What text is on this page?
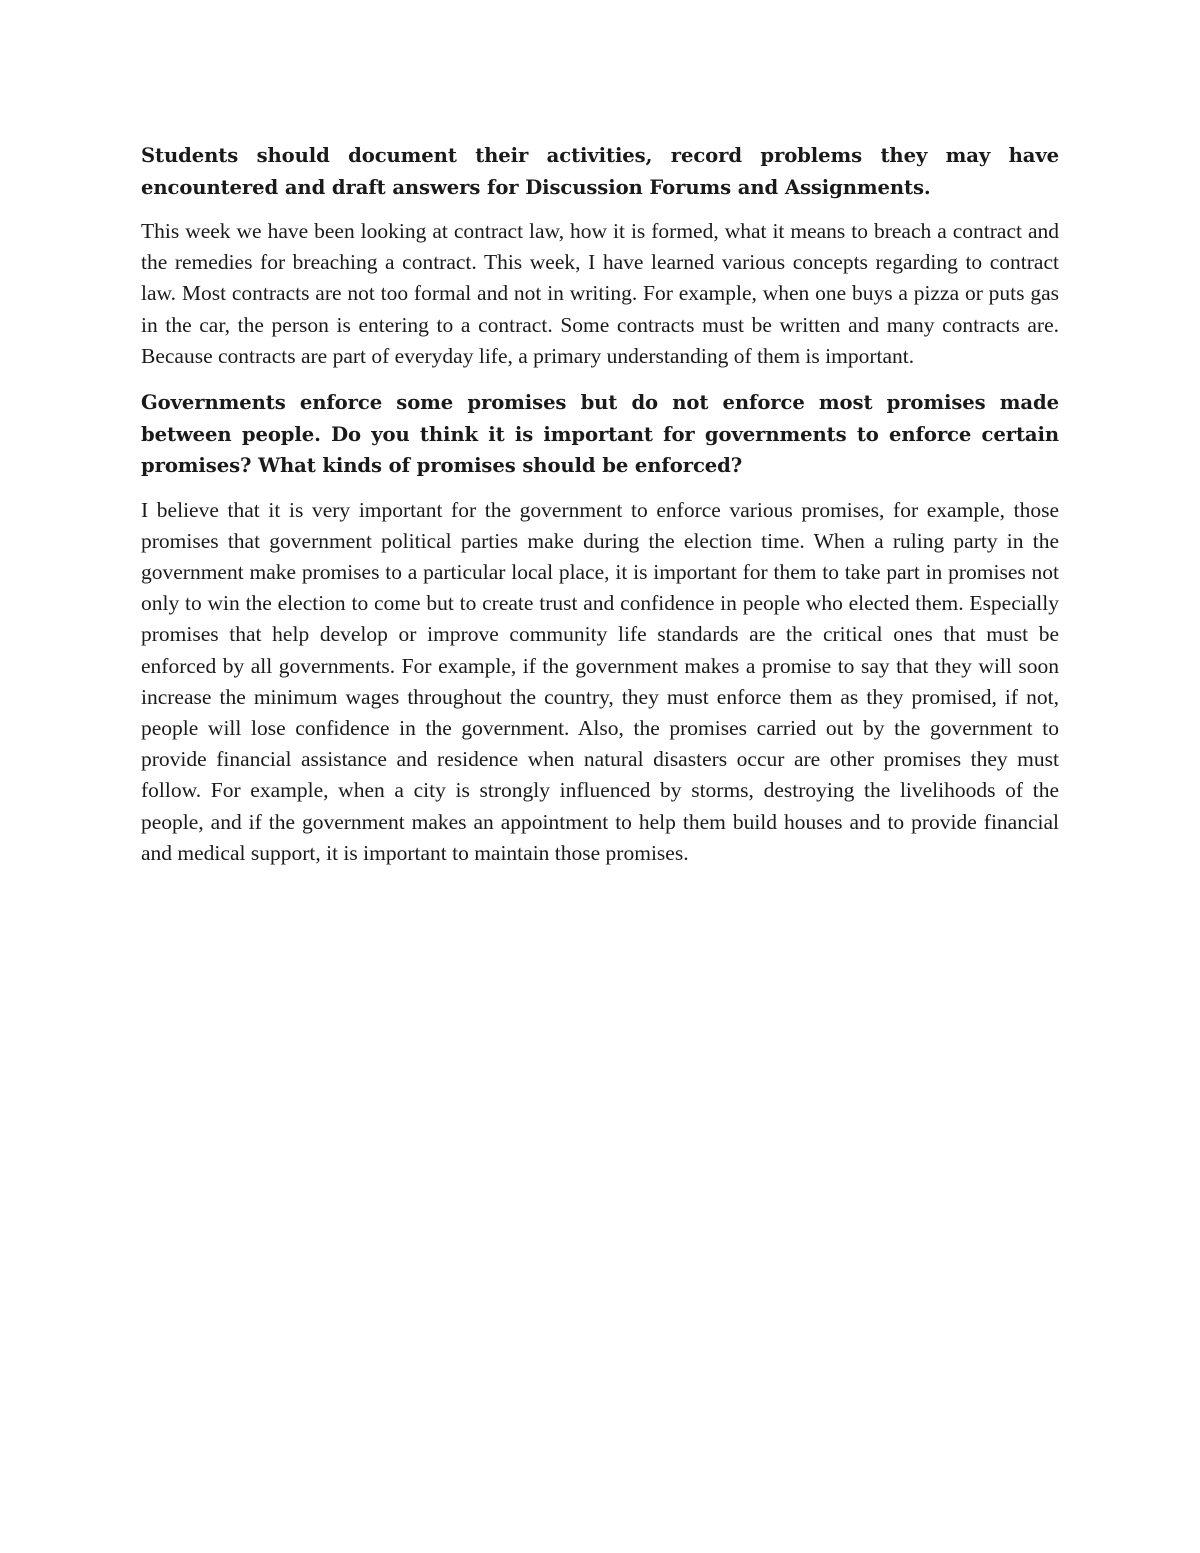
Students should document their activities, record problems they may have encountered and draft answers for Discussion Forums and Assignments.

This week we have been looking at contract law, how it is formed, what it means to breach a contract and the remedies for breaching a contract. This week, I have learned various concepts regarding to contract law. Most contracts are not too formal and not in writing. For example, when one buys a pizza or puts gas in the car, the person is entering to a contract. Some contracts must be written and many contracts are. Because contracts are part of everyday life, a primary understanding of them is important.

Governments enforce some promises but do not enforce most promises made between people. Do you think it is important for governments to enforce certain promises? What kinds of promises should be enforced?

I believe that it is very important for the government to enforce various promises, for example, those promises that government political parties make during the election time. When a ruling party in the government make promises to a particular local place, it is important for them to take part in promises not only to win the election to come but to create trust and confidence in people who elected them. Especially promises that help develop or improve community life standards are the critical ones that must be enforced by all governments. For example, if the government makes a promise to say that they will soon increase the minimum wages throughout the country, they must enforce them as they promised, if not, people will lose confidence in the government. Also, the promises carried out by the government to provide financial assistance and residence when natural disasters occur are other promises they must follow. For example, when a city is strongly influenced by storms, destroying the livelihoods of the people, and if the government makes an appointment to help them build houses and to provide financial and medical support, it is important to maintain those promises.
